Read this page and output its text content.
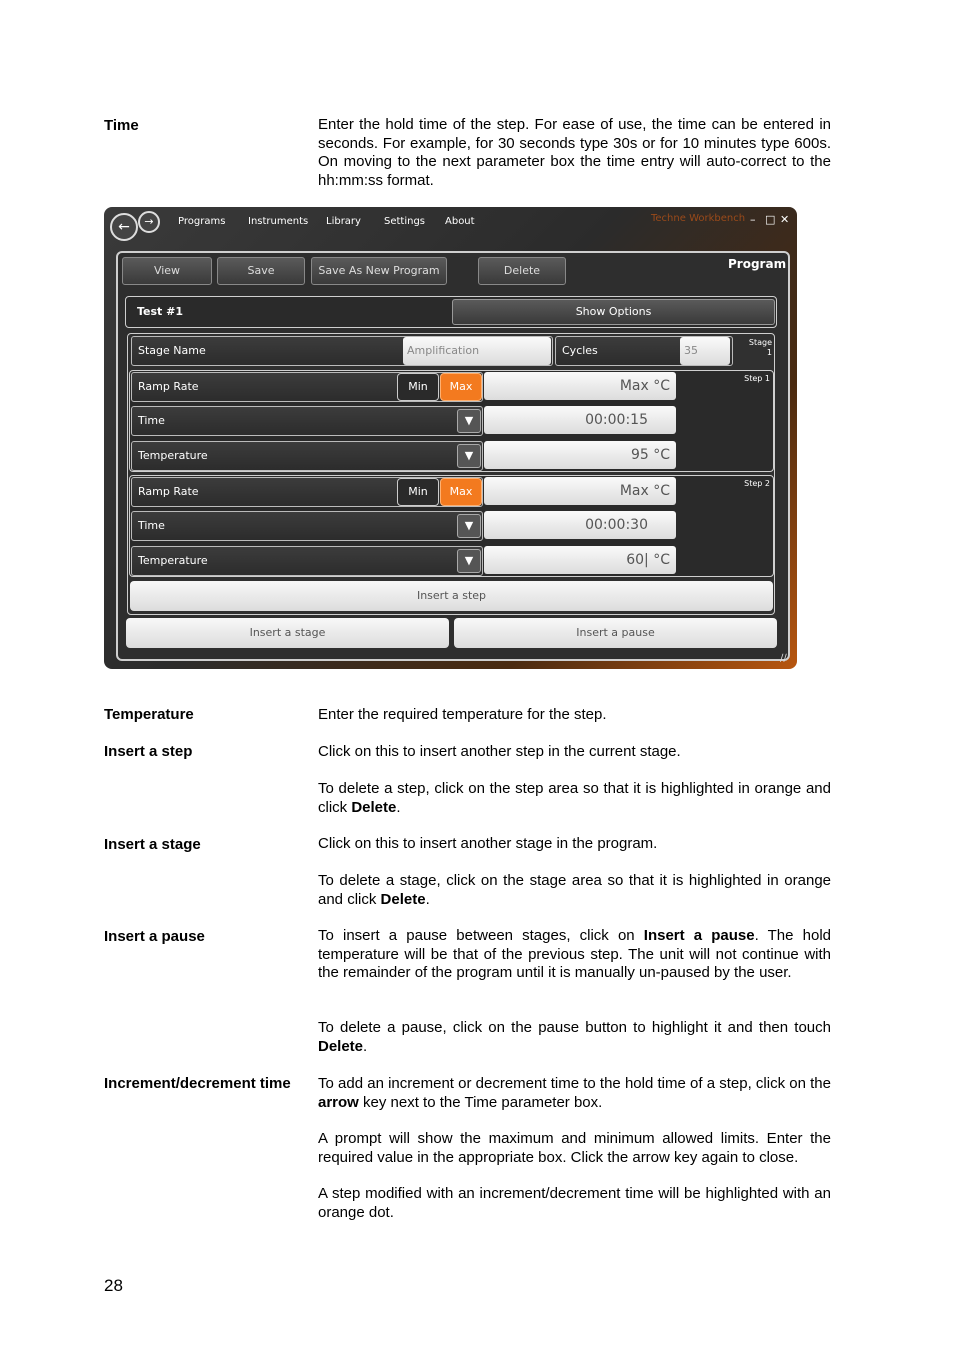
Time	Enter the hold time of the step. For ease of use, the time can be entered in seconds. For example, for 30 seconds type 30s or for 10 minutes type 600s. On moving to the next parameter box the time entry will auto-correct to the hh:mm:ss format.
←	→	Programs Instruments Library Settings About	Techne Workbench – □ ✕
View	Save	Save As New Program	Delete	Program
Test #1	Show Options
Stage Name	Amplification	Cycles	35
Stage
1
Step 1
Ramp Rate	Min	Max	Max °C
Time	▼	00:00:15
Temperature	▼	95 °C
Step 2
Ramp Rate	Min	Max	Max °C
Time	▼	00:00:30
Temperature	▼	60| °C
Insert a step
Insert a stage	Insert a pause
∕∕
Temperature	Enter the required temperature for the step.
Insert a step	Click on this to insert another step in the current stage.
To delete a step, click on the step area so that it is highlighted in orange and click Delete.
Insert a stage	Click on this to insert another stage in the program.
To delete a stage, click on the stage area so that it is highlighted in orange and click Delete.
Insert a pause	To insert a pause between stages, click on Insert a pause. The hold temperature will be that of the previous step. The unit will not continue with the remainder of the program until it is manually un-paused by the user.
To delete a pause, click on the pause button to highlight it and then touch Delete.
Increment/decrement time To add an increment or decrement time to the hold time of a step, click on the arrow key next to the Time parameter box.
A prompt will show the maximum and minimum allowed limits. Enter the required value in the appropriate box. Click the arrow key again to close.
A step modified with an increment/decrement time will be highlighted with an orange dot.
28
